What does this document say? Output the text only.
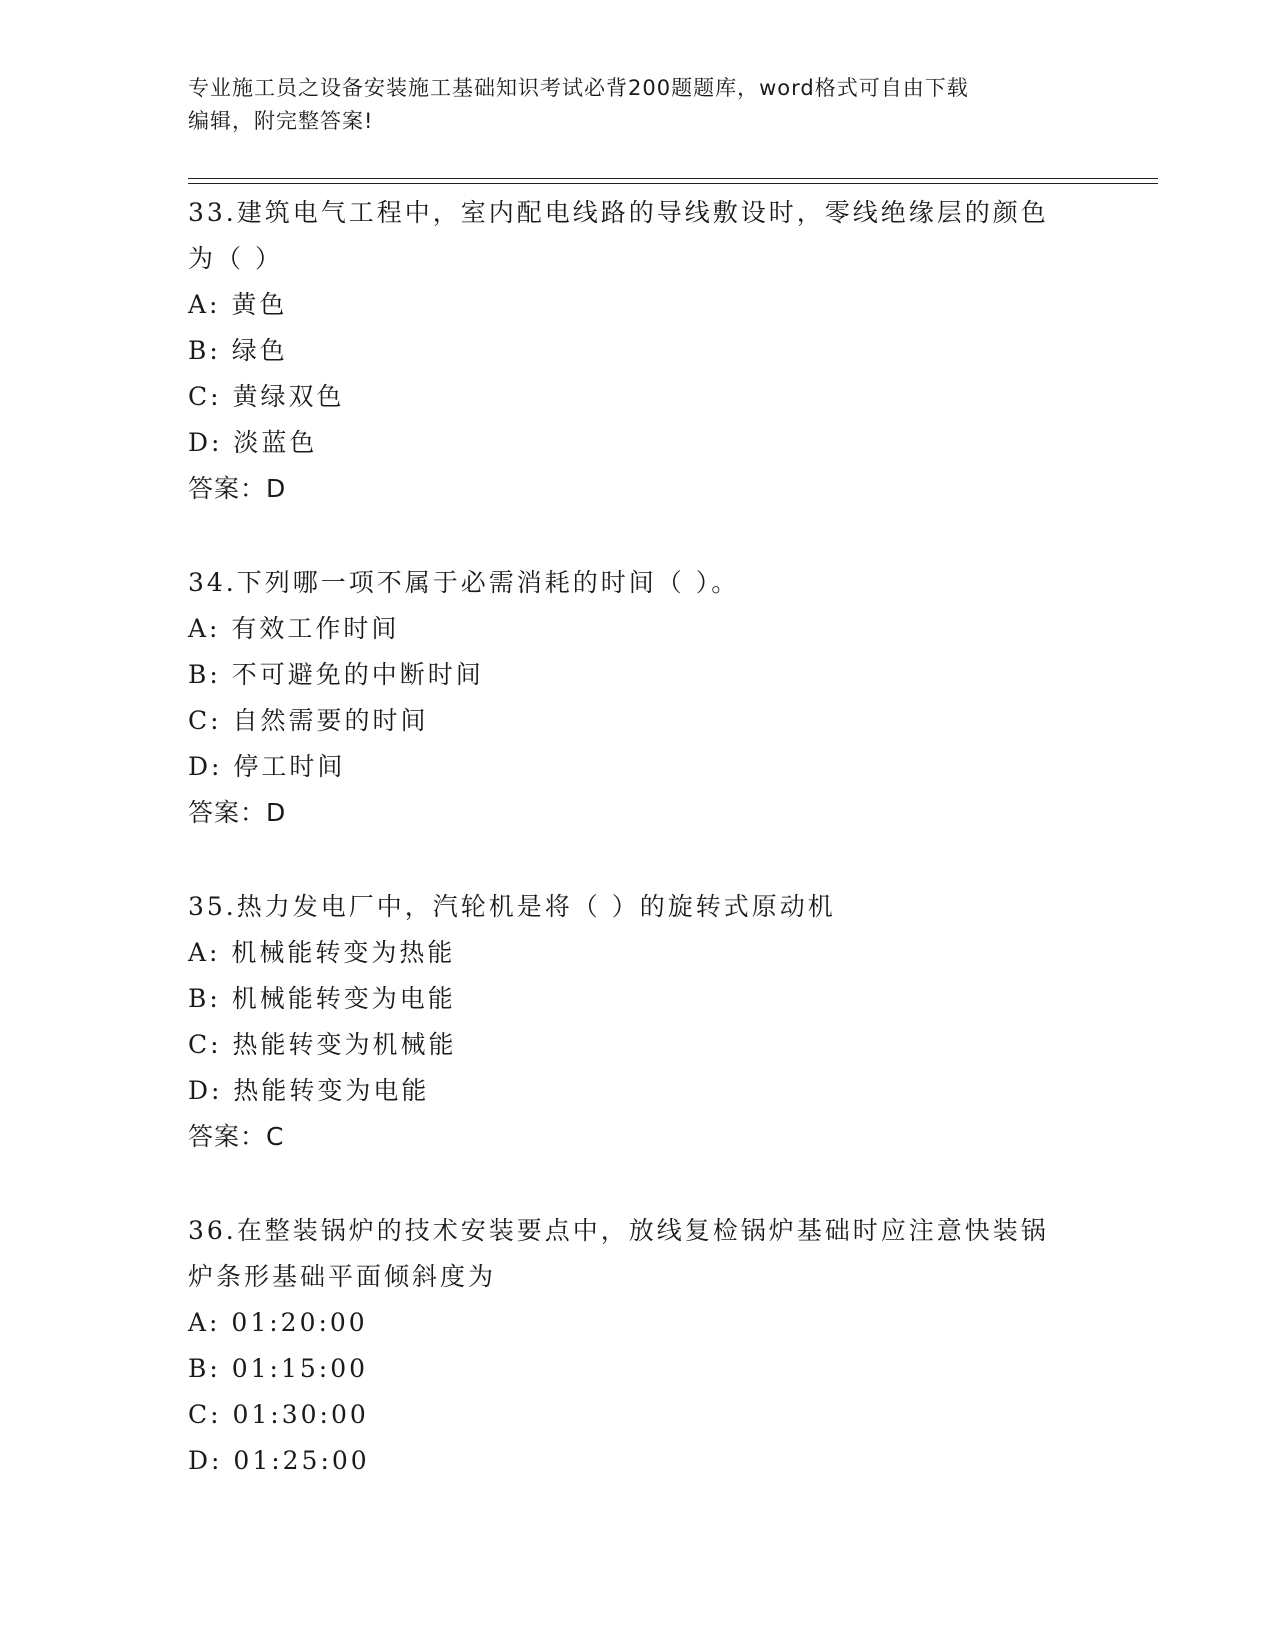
专业施工员之设备安装施工基础知识考试必背200题题库，word格式可自由下载
编辑，附完整答案!
33.建筑电气工程中，室内配电线路的导线敷设时，零线绝缘层的颜色
为（ ）
A: 黄色
B: 绿色
C: 黄绿双色
D: 淡蓝色
答案：D
34.下列哪一项不属于必需消耗的时间（ ）。
A: 有效工作时间
B: 不可避免的中断时间
C: 自然需要的时间
D: 停工时间
答案：D
35.热力发电厂中，汽轮机是将（ ）的旋转式原动机
A: 机械能转变为热能
B: 机械能转变为电能
C: 热能转变为机械能
D: 热能转变为电能
答案：C
36.在整装锅炉的技术安装要点中，放线复检锅炉基础时应注意快装锅
炉条形基础平面倾斜度为
A: 01:20:00
B: 01:15:00
C: 01:30:00
D: 01:25:00
